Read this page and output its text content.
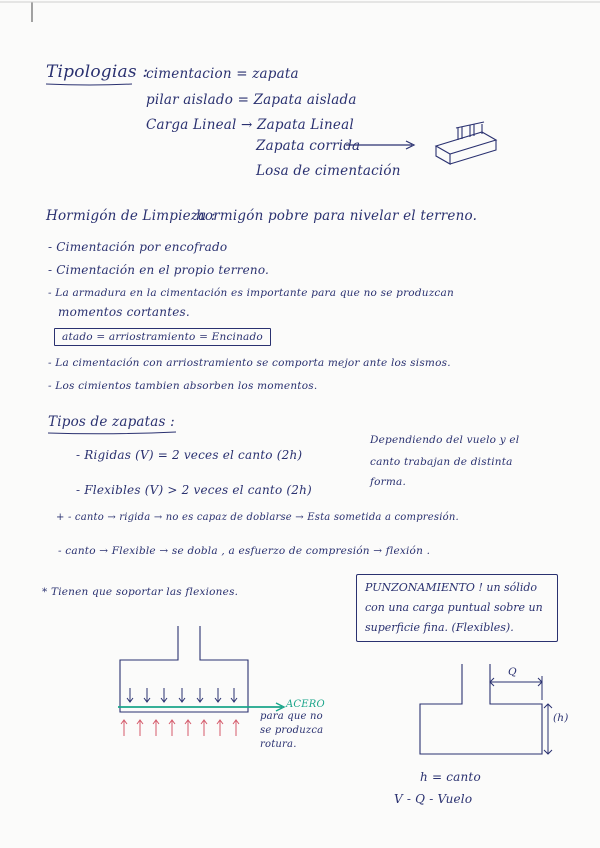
Tipologias :
cimentacion = zapata
pilar aislado = Zapata aislada
Carga Lineal → Zapata Lineal
Zapata corrida
Losa de cimentación
Hormigón de Limpieza :
hormigón pobre para nivelar el terreno.
- Cimentación por encofrado
- Cimentación en el propio terreno.
- La armadura en la cimentación es importante para que no se produzcan
momentos cortantes.
atado = arriostramiento = Encinado
- La cimentación con arriostramiento se comporta mejor ante los sismos.
- Los cimientos tambien absorben los momentos.
Tipos de zapatas :
- Rigidas (V) = 2 veces el canto (2h)
- Flexibles (V) > 2 veces el canto (2h)
Dependiendo del vuelo y el
canto trabajan de distinta
forma.
+ - canto → rigida → no es capaz de doblarse → Esta sometida a compresión.
- canto → Flexible → se dobla , a esfuerzo de compresión → flexión .
* Tienen que soportar las flexiones.	PUNZONAMIENTO ! un sólido
con una carga puntual sobre un
superficie fina. (Flexibles).
ACERO
para que no
se produzca
rotura.
Q
(h)
h = canto
V - Q - Vuelo
